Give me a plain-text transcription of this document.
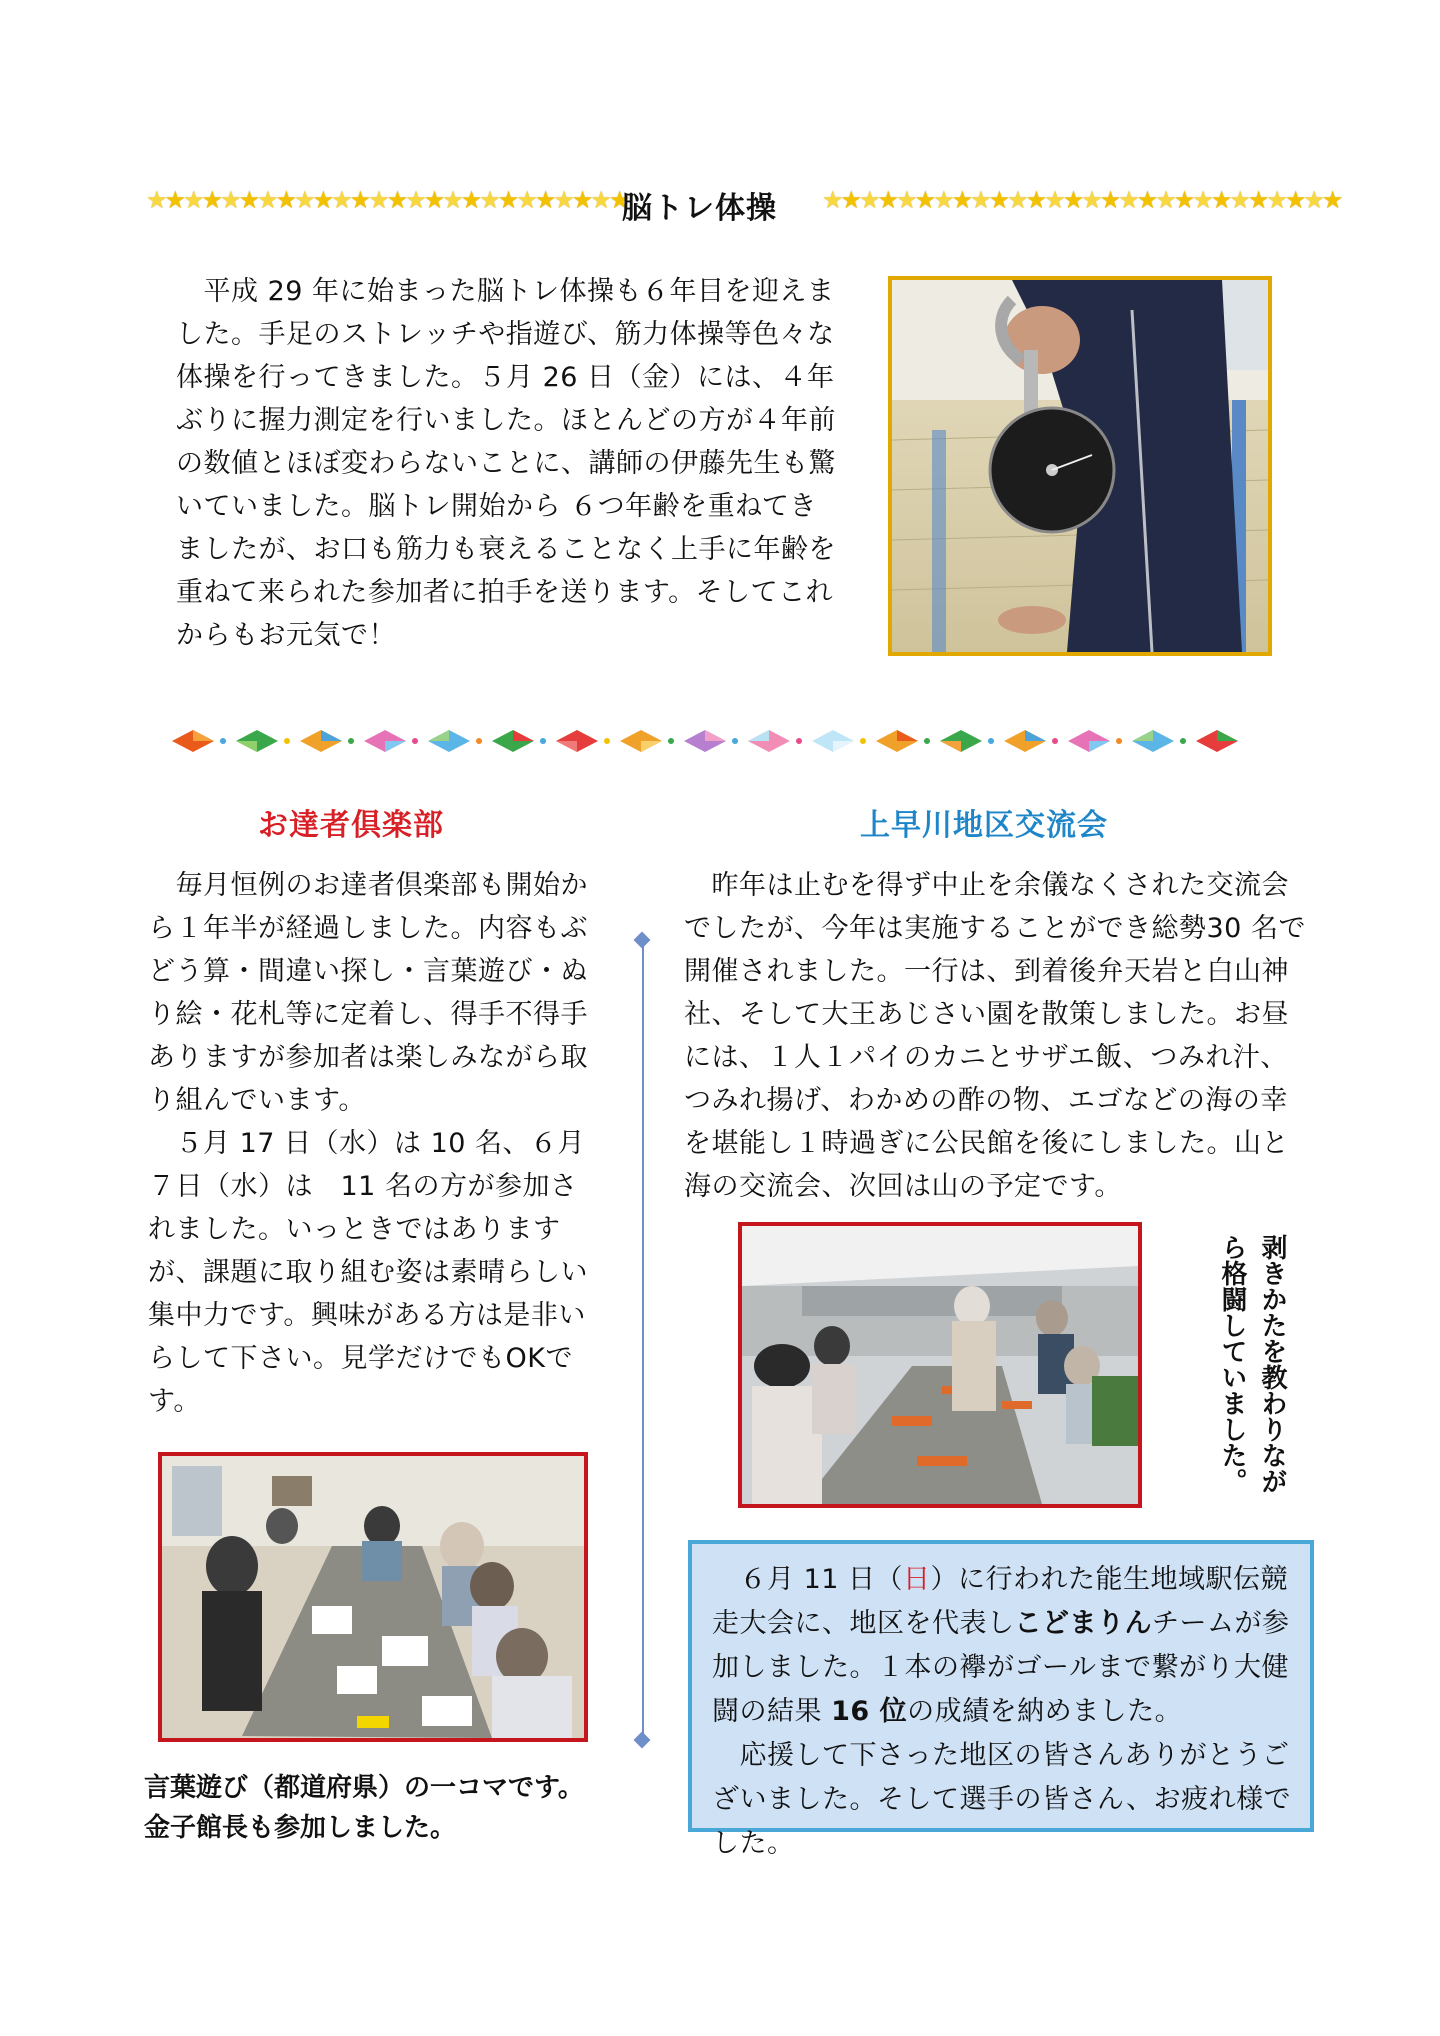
★★★★★★★★★★★★★★★★★★★★★★★★★★
脳トレ体操 ★★★★★★★★★★★★★★★★★★★★★★★★★★★★
　平成 29 年に始まった脳トレ体操も６年目を迎えました。手足のストレッチや指遊び、筋力体操等色々な体操を行ってきました。５月 26 日（金）には、４年ぶりに握力測定を行いました。ほとんどの方が４年前の数値とほぼ変わらないことに、講師の伊藤先生も驚いていました。脳トレ開始から ６つ年齢を重ねてきましたが、お口も筋力も衰えることなく上手に年齢を重ねて来られた参加者に拍手を送ります。そしてこれからもお元気で！
お達者倶楽部
　毎月恒例のお達者倶楽部も開始から１年半が経過しました。内容もぶどう算・間違い探し・言葉遊び・ぬり絵・花札等に定着し、得手不得手ありますが参加者は楽しみながら取り組んでいます。
　５月 17 日（水）は 10 名、６月７日（水）は　11 名の方が参加されました。いっときではありますが、課題に取り組む姿は素晴らしい集中力です。興味がある方は是非いらして下さい。見学だけでもOKです。
言葉遊び（都道府県）の一コマです。
金子館長も参加しました。
上早川地区交流会
　昨年は止むを得ず中止を余儀なくされた交流会でしたが、今年は実施することができ総勢30 名で開催されました。一行は、到着後弁天岩と白山神社、そして大王あじさい園を散策しました。お昼には、１人１パイのカニとサザエ飯、つみれ汁、つみれ揚げ、わかめの酢の物、エゴなどの海の幸を堪能し１時過ぎに公民館を後にしました。山と海の交流会、次回は山の予定です。
剥きかたを教わりなが
ら格闘していました。
　６月 11 日（日）に行われた能生地域駅伝競走大会に、地区を代表しこどまりんチームが参加しました。１本の襷がゴールまで繋がり大健闘の結果 16 位の成績を納めました。
　応援して下さった地区の皆さんありがとうございました。そして選手の皆さん、お疲れ様でした。
